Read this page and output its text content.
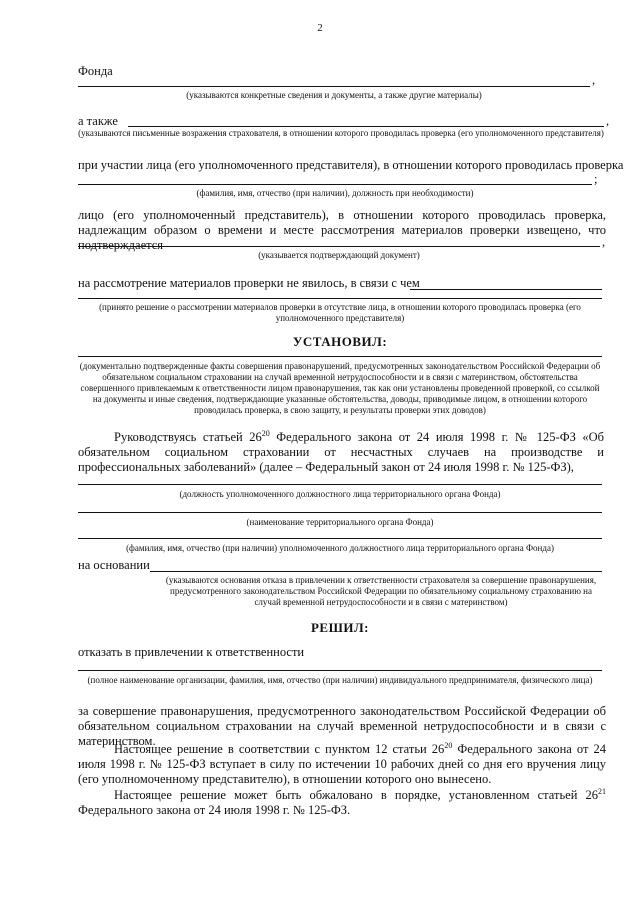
2
Фонда
,
(указываются конкретные сведения и документы, а также другие материалы)
а также	,
(указываются письменные возражения страхователя, в отношении которого проводилась проверка (его уполномоченного представителя)
при участии лица (его уполномоченного представителя), в отношении которого проводилась проверка
;
(фамилия, имя, отчество (при наличии), должность при необходимости)
лицо (его уполномоченный представитель), в отношении которого проводилась проверка, надлежащим образом о времени и месте рассмотрения материалов проверки извещено, что подтверждается	,
(указывается подтверждающий документ)
на рассмотрение материалов проверки не явилось, в связи с чем
(принято решение о рассмотрении материалов проверки в отсутствие лица, в отношении которого проводилась проверка (его уполномоченного представителя)
УСТАНОВИЛ:
(документально подтвержденные факты совершения правонарушений, предусмотренных законодательством Российской Федерации об обязательном социальном страховании на случай временной нетрудоспособности и в связи с материнством, обстоятельства совершенного привлекаемым к ответственности лицом правонарушения, так как они установлены проведенной проверкой, со ссылкой на документы и иные сведения, подтверждающие указанные обстоятельства, доводы, приводимые лицом, в отношении которого проводилась проверка, в свою защиту, и результаты проверки этих доводов)
Руководствуясь статьей $26^{20}$ Федерального закона от 24 июля 1998 г. № 125-ФЗ «Об обязательном социальном страховании от несчастных случаев на производстве и профессиональных заболеваний» (далее – Федеральный закон от 24 июля 1998 г. № 125-ФЗ),
(должность уполномоченного должностного лица территориального органа Фонда)
(наименование территориального органа Фонда)
(фамилия, имя, отчество (при наличии) уполномоченного должностного лица территориального органа Фонда)
на основании
(указываются основания отказа в привлечении к ответственности страхователя за совершение правонарушения, предусмотренного законодательством Российской Федерации по обязательному социальному страхованию на случай временной нетрудоспособности и в связи с материнством)
РЕШИЛ:
отказать в привлечении к ответственности
(полное наименование организации, фамилия, имя, отчество (при наличии) индивидуального предпринимателя, физического лица)
за совершение правонарушения, предусмотренного законодательством Российской Федерации об обязательном социальном страховании на случай временной нетрудоспособности и в связи с материнством.
Настоящее решение в соответствии с пунктом 12 статьи $26^{20}$ Федерального закона от 24 июля 1998 г. № 125-ФЗ вступает в силу по истечении 10 рабочих дней со дня его вручения лицу (его уполномоченному представителю), в отношении которого оно вынесено.
Настоящее решение может быть обжаловано в порядке, установленном статьей $26^{21}$ Федерального закона от 24 июля 1998 г. № 125-ФЗ.
